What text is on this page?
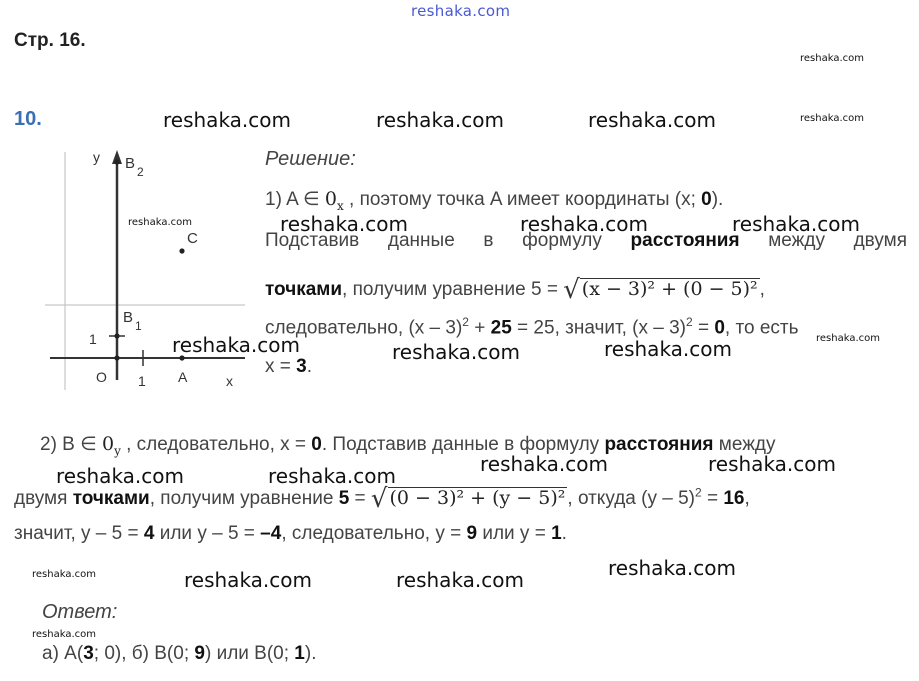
reshaka.com
Стр. 16.
10.
y B 2
B 1
C
1
O 1 A	x
Решение:
1) A ∈ $0_x$ , поэтому точка A имеет координаты (x; 0).
Подставив данные в формулу расстояния между двумя
точками, получим уравнение 5 = √ (x − 3)² + (0 − 5)² ,
следовательно, (x – 3)$^2$ + 25 = 25, значит, (x – 3)$^2$ = 0, то есть
x = 3.
2) B ∈ $0_y$ , следовательно, x = 0. Подставив данные в формулу расстояния между
двумя точками, получим уравнение 5 = √ (0 − 3)² + (y − 5)² , откуда (y – 5)$^2$ = 16,
значит, y – 5 = 4 или y – 5 = –4, следовательно, y = 9 или y = 1.
Ответ:
а) A(3; 0), б) B(0; 9) или B(0; 1).
reshaka.com	reshaka.com	reshaka.com
reshaka.com	reshaka.com	reshaka.com
reshaka.com	reshaka.com	reshaka.com
reshaka.com	reshaka.com
reshaka.com	reshaka.com
reshaka.com	reshaka.com	reshaka.com
reshaka.com
reshaka.com
reshaka.com
reshaka.com
reshaka.com
reshaka.com
